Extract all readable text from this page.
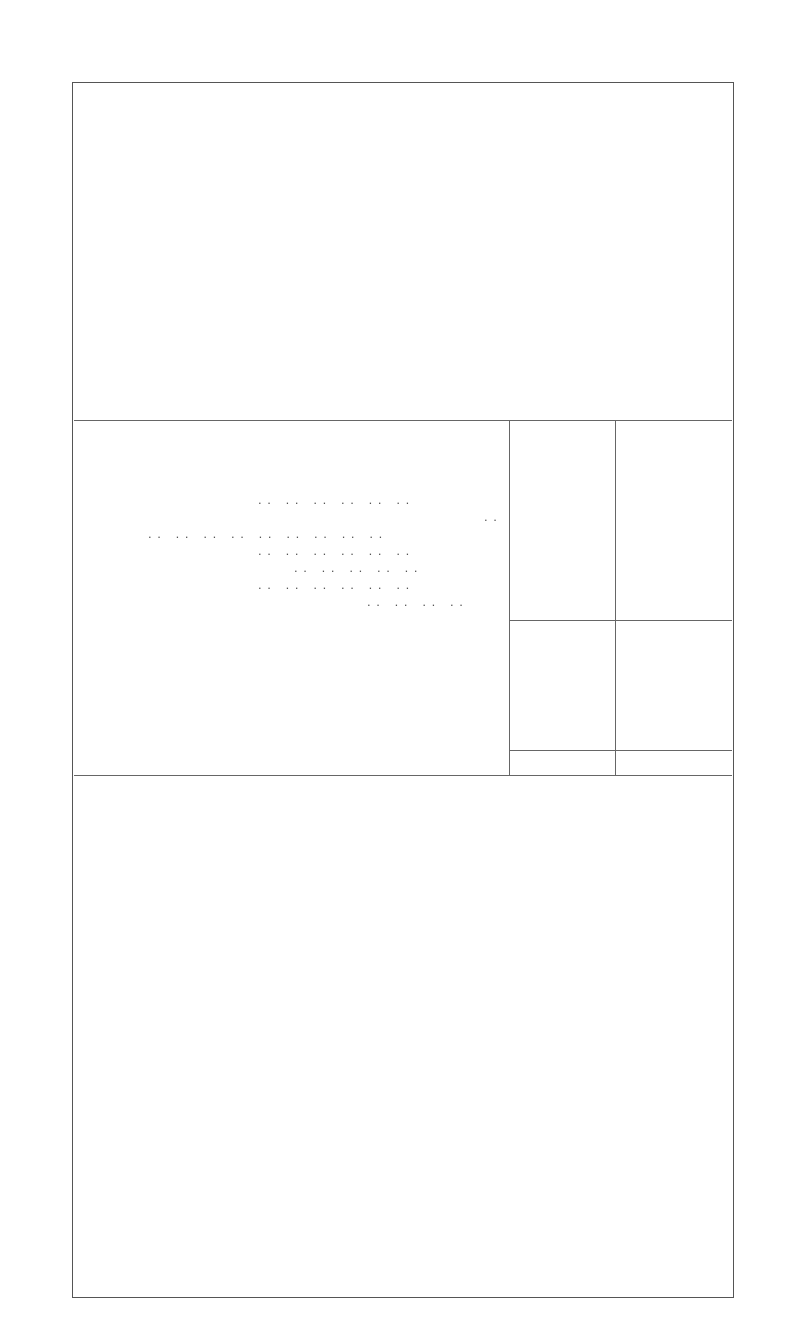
. .   . .   . .   . .   . .   . .
. .
. .   . .   . .   . .   . .   . .   . .   . .   . .
. .   . .   . .   . .   . .   . .
. .   . .   . .   . .   . .
. .   . .   . .   . .   . .   . .
. .   . .   . .   . .
